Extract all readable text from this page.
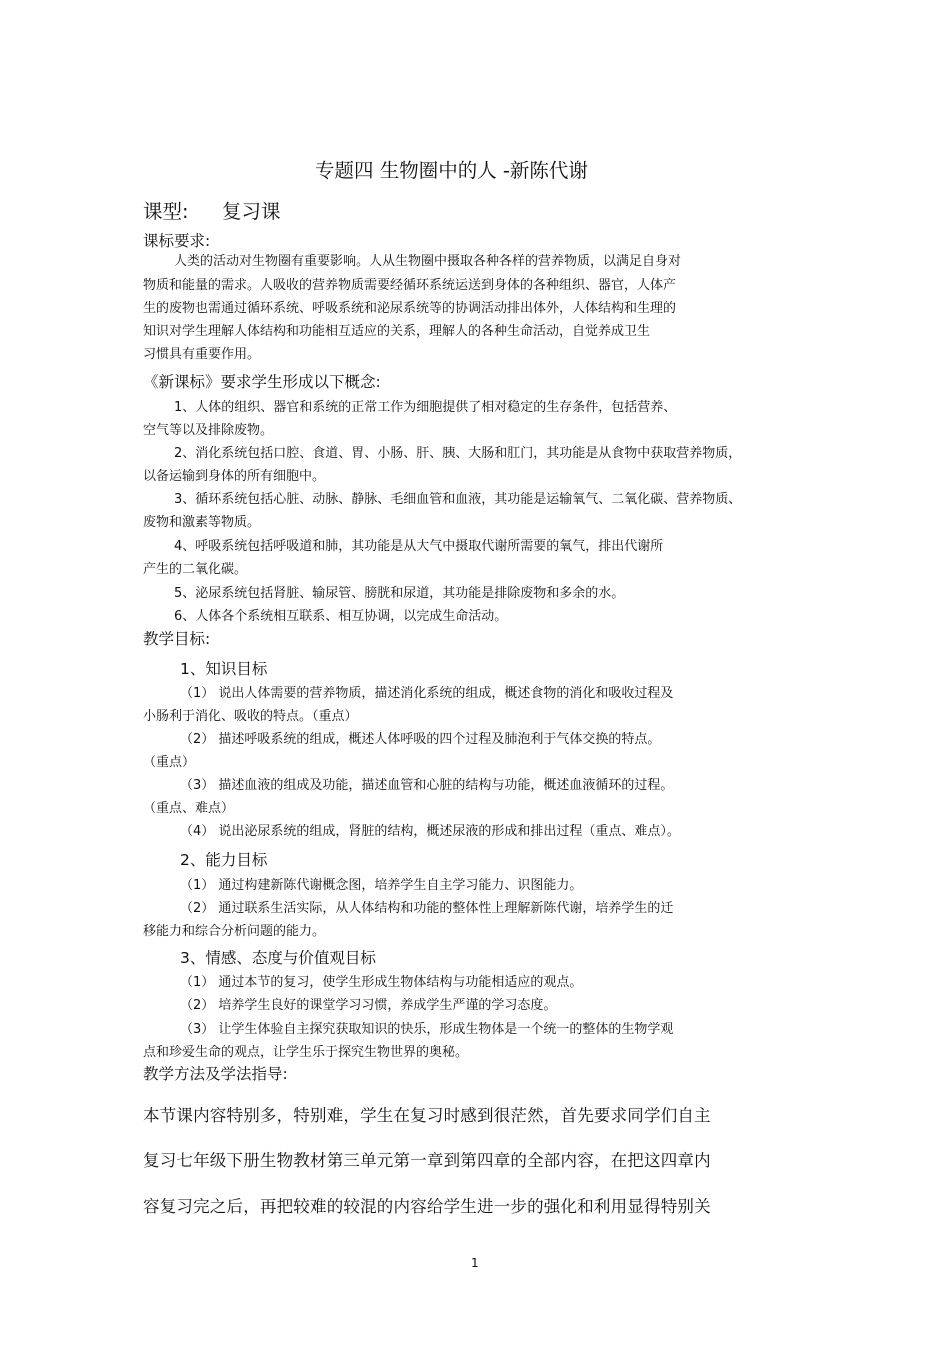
专题四 生物圈中的人 -新陈代谢
课型: 复习课
课标要求:
人类的活动对生物圈有重要影响。人从生物圈中摄取各种各样的营养物质，以满足自身对
物质和能量的需求。人吸收的营养物质需要经循环系统运送到身体的各种组织、器官，人体产
生的废物也需通过循环系统、呼吸系统和泌尿系统等的协调活动排出体外，人体结构和生理的
知识对学生理解人体结构和功能相互适应的关系，理解人的各种生命活动，自觉养成卫生
习惯具有重要作用。
《新课标》要求学生形成以下概念:
1、人体的组织、器官和系统的正常工作为细胞提供了相对稳定的生存条件，包括营养、
空气等以及排除废物。
2、消化系统包括口腔、食道、胃、小肠、肝、胰、大肠和肛门，其功能是从食物中获取营养物质，
以备运输到身体的所有细胞中。
3、循环系统包括心脏、动脉、静脉、毛细血管和血液，其功能是运输氧气、二氧化碳、营养物质、
废物和激素等物质。
4、呼吸系统包括呼吸道和肺，其功能是从大气中摄取代谢所需要的氧气，排出代谢所
产生的二氧化碳。
5、泌尿系统包括肾脏、输尿管、膀胱和尿道，其功能是排除废物和多余的水。
6、人体各个系统相互联系、相互协调，以完成生命活动。
教学目标:
1、知识目标
（1） 说出人体需要的营养物质，描述消化系统的组成，概述食物的消化和吸收过程及
小肠利于消化、吸收的特点。（重点）
（2） 描述呼吸系统的组成，概述人体呼吸的四个过程及肺泡利于气体交换的特点。
（重点）
（3） 描述血液的组成及功能，描述血管和心脏的结构与功能，概述血液循环的过程。
（重点、难点）
（4） 说出泌尿系统的组成，肾脏的结构，概述尿液的形成和排出过程（重点、难点）。
2、能力目标
（1） 通过构建新陈代谢概念图，培养学生自主学习能力、识图能力。
（2） 通过联系生活实际，从人体结构和功能的整体性上理解新陈代谢，培养学生的迁
移能力和综合分析问题的能力。
3、情感、态度与价值观目标
（1） 通过本节的复习，使学生形成生物体结构与功能相适应的观点。
（2） 培养学生良好的课堂学习习惯，养成学生严谨的学习态度。
（3） 让学生体验自主探究获取知识的快乐，形成生物体是一个统一的整体的生物学观
点和珍爱生命的观点，让学生乐于探究生物世界的奥秘。
教学方法及学法指导:
本节课内容特别多，特别难，学生在复习时感到很茫然，首先要求同学们自主
复习七年级下册生物教材第三单元第一章到第四章的全部内容，在把这四章内
容复习完之后，再把较难的较混的内容给学生进一步的强化和利用显得特别关
1
